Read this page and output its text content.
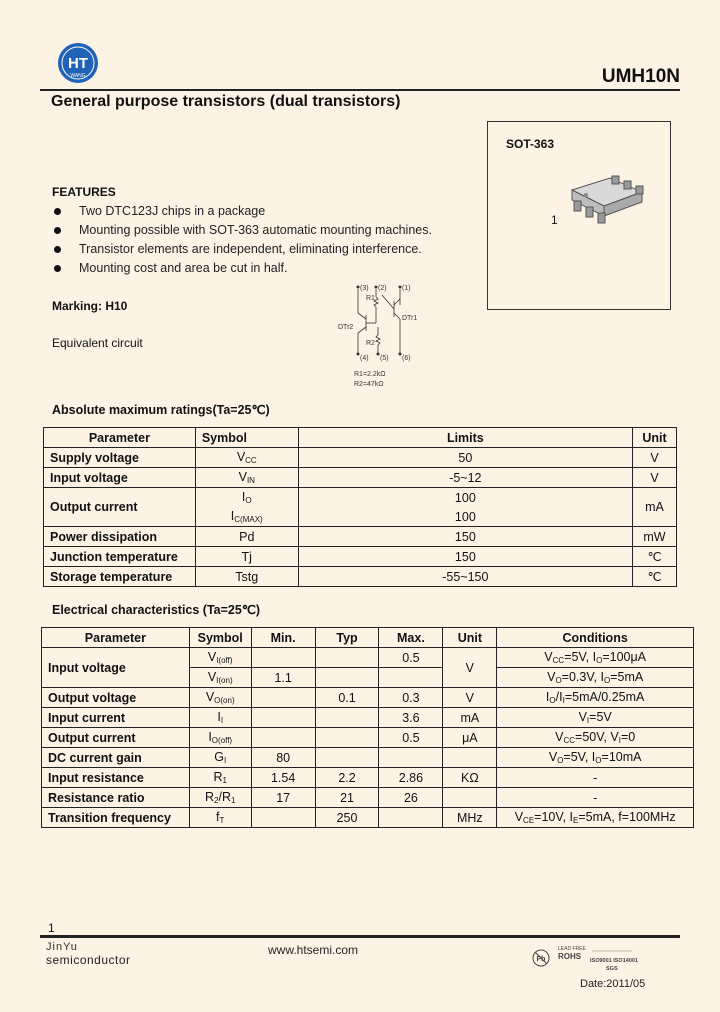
HT
WANG	UMH10N
General purpose transistors (dual transistors)
SOT-363
1
FEATURES
Two DTC123J chips in a package
Mounting possible with SOT-363 automatic mounting machines.
Transistor elements are independent, eliminating interference.
Mounting cost and area be cut in half.
Marking: H10
Equivalent circuit
(3) (2) (1)
(4) (5) (6)
DTr2
DTr1
R1
R2
R1=2.2kΩ
R2=47kΩ
Absolute maximum ratings(Ta=25℃)
Parameter	Symbol	Limits	Unit
Supply voltage	$V_{CC}$	50	V
Input voltage	$V_{IN}$	-5~12	V
Output current	$I_O$	100	mA
	$I_{C(MAX)}$	100	
Power dissipation	Pd	150	mW
Junction temperature	Tj	150	℃
Storage temperature	Tstg	-55~150	℃
Electrical characteristics (Ta=25℃)
Parameter	Symbol	Min.	Typ	Max.	Unit	Conditions
Input voltage	$V_{I(off)}$			0.5	V	$V_{CC}=5V$, $I_O=100\mu A$
	$V_{I(on)}$	1.1				$V_O=0.3V$, $I_O=5mA$
Output voltage	$V_{O(on)}$		0.1	0.3	V	$I_O/I_I=5mA/0.25mA$
Input current	$I_I$			3.6	mA	$V_I=5V$
Output current	$I_{O(off)}$			0.5	μA	$V_{CC}=50V$, $V_I=0$
DC current gain	$G_I$	80				$V_O=5V$, $I_O=10mA$
Input resistance	$R_1$	1.54	2.2	2.86	KΩ	-
Resistance ratio	$R_2/R_1$	17	21	26		-
Transition frequency	$f_T$		250		MHz	$V_{CE}=10V$, $I_E=5mA$, f=100MHz
1
JinYu
semiconductor
www.htsemi.com
Pb
LEAD FREE
ROHS ISO9001 ISO14001
SGS
Date:2011/05
